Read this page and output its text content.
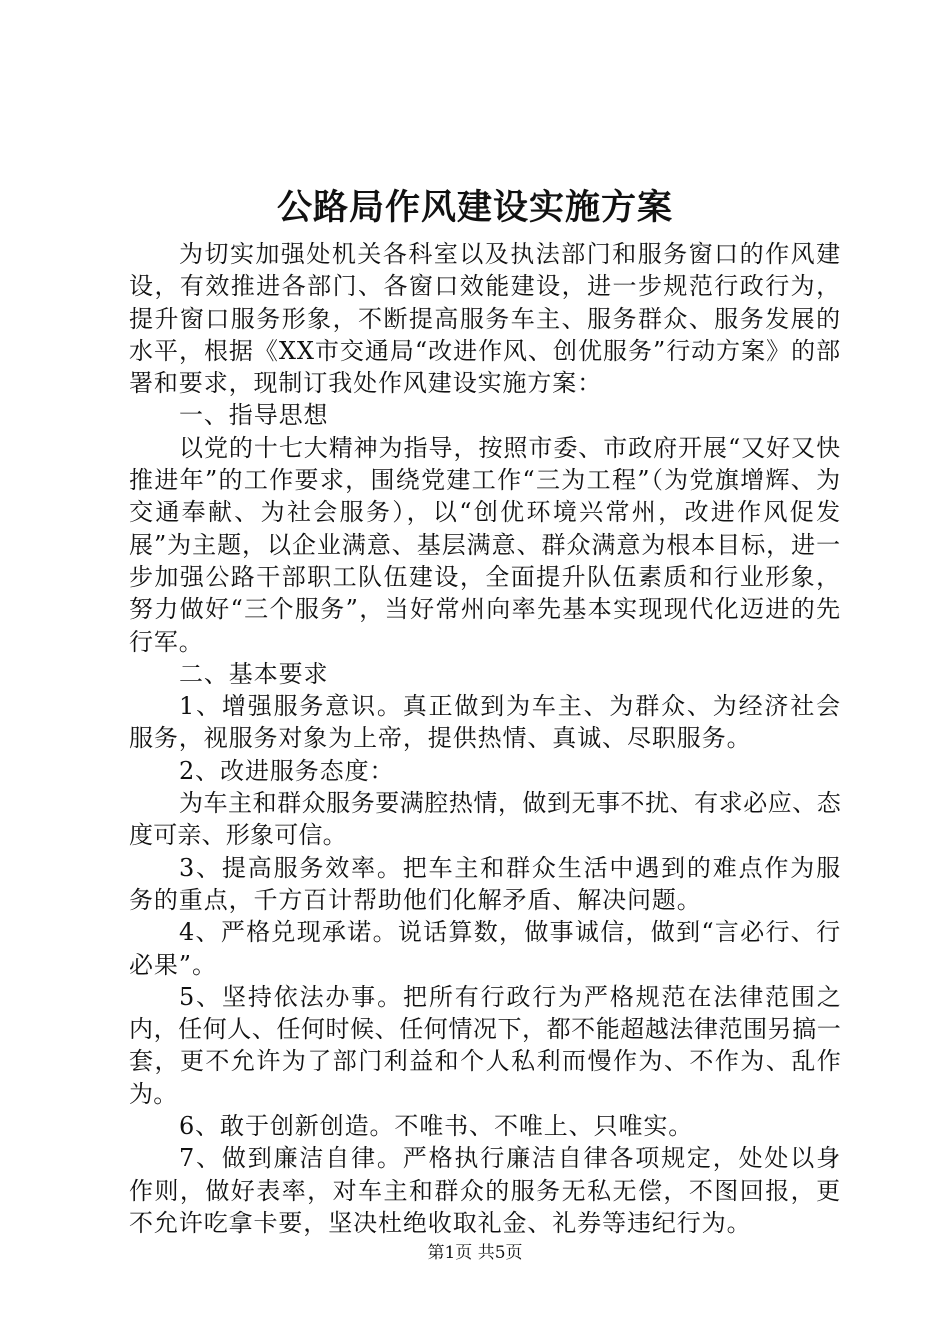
公路局作风建设实施方案

为切实加强处机关各科室以及执法部门和服务窗口的作风建设，有效推进各部门、各窗口效能建设，进一步规范行政行为，提升窗口服务形象，不断提高服务车主、服务群众、服务发展的水平，根据《XX市交通局“改进作风、创优服务”行动方案》的部署和要求，现制订我处作风建设实施方案：

一、指导思想

以党的十七大精神为指导，按照市委、市政府开展“又好又快推进年”的工作要求，围绕党建工作“三为工程”（为党旗增辉、为交通奉献、为社会服务），以“创优环境兴常州，改进作风促发展”为主题，以企业满意、基层满意、群众满意为根本目标，进一步加强公路干部职工队伍建设，全面提升队伍素质和行业形象，努力做好“三个服务”，当好常州向率先基本实现现代化迈进的先行军。

二、基本要求

1、增强服务意识。真正做到为车主、为群众、为经济社会服务，视服务对象为上帝，提供热情、真诚、尽职服务。

2、改进服务态度：

为车主和群众服务要满腔热情，做到无事不扰、有求必应、态度可亲、形象可信。

3、提高服务效率。把车主和群众生活中遇到的难点作为服务的重点，千方百计帮助他们化解矛盾、解决问题。

4、严格兑现承诺。说话算数，做事诚信，做到“言必行、行必果”。

5、坚持依法办事。把所有行政行为严格规范在法律范围之内，任何人、任何时候、任何情况下，都不能超越法律范围另搞一套，更不允许为了部门利益和个人私利而慢作为、不作为、乱作为。

6、敢于创新创造。不唯书、不唯上、只唯实。

7、做到廉洁自律。严格执行廉洁自律各项规定，处处以身作则，做好表率，对车主和群众的服务无私无偿，不图回报，更不允许吃拿卡要，坚决杜绝收取礼金、礼券等违纪行为。

第1页 共5页
